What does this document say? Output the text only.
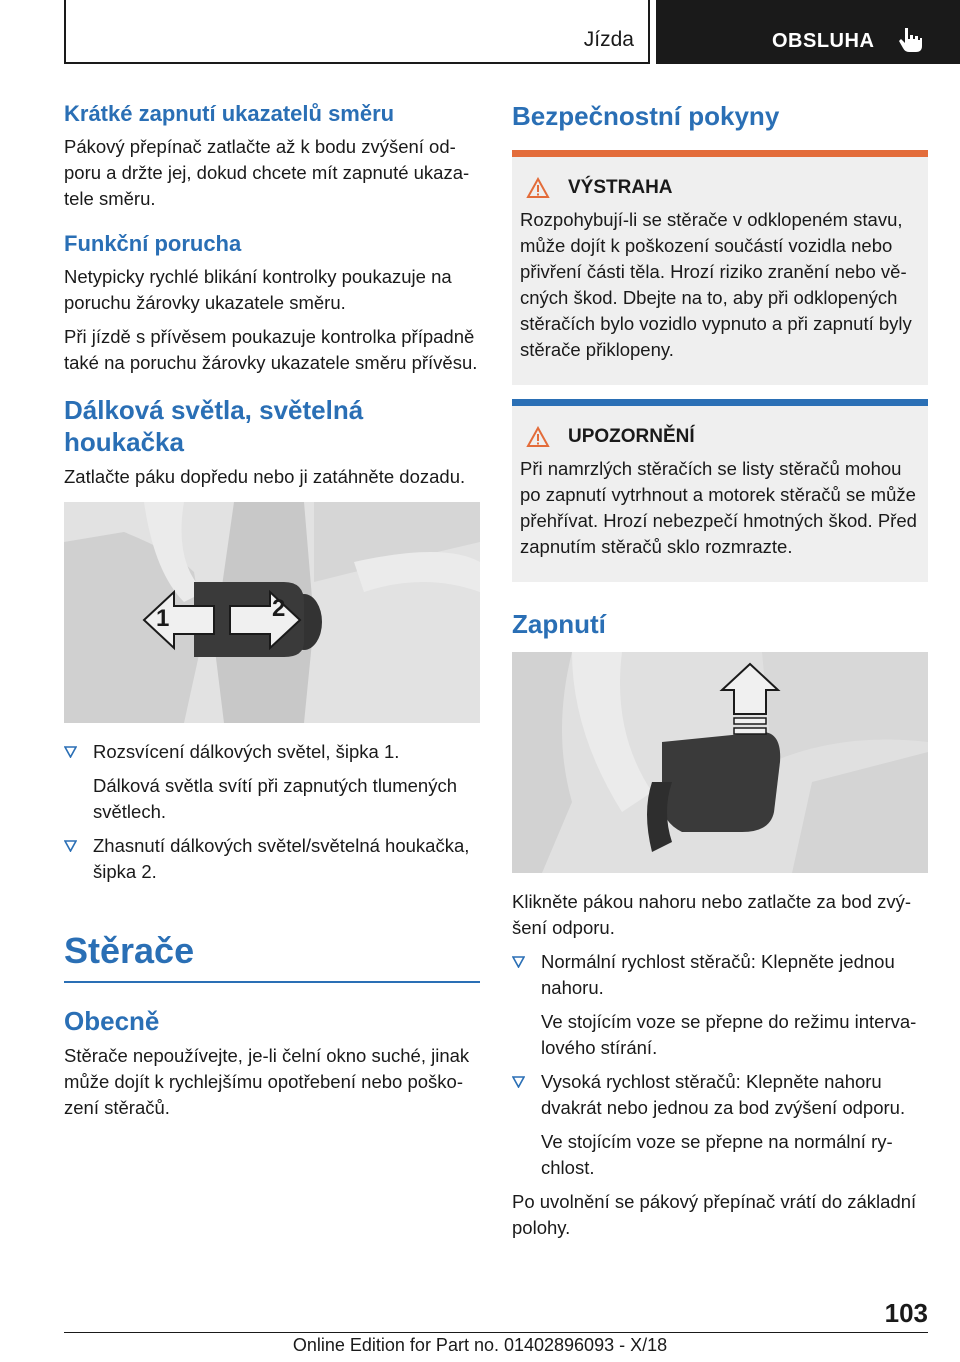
Jízda	OBSLUHA
Krátké zapnutí ukazatelů směru

Pákový přepínač zatlačte až k bodu zvýšení odporu a držte jej, dokud chcete mít zapnuté ukazatele směru.

Funkční porucha

Netypicky rychlé blikání kontrolky poukazuje na poruchu žárovky ukazatele směru.

Při jízdě s přívěsem poukazuje kontrolka případně také na poruchu žárovky ukazatele směru přívěsu.

Dálková světla, světelná houkačka

Zatlačte páku dopředu nebo ji zatáhněte dozadu.

1	2
Rozsvícení dálkových světel, šipka 1.
Dálková světla svítí při zapnutých tlumených světlech.
Zhasnutí dálkových světel/světelná houkačka, šipka 2.
Stěrače
Obecně

Stěrače nepoužívejte, je-li čelní okno suché, jinak může dojít k rychlejšímu opotřebení nebo poškození stěračů.

Bezpečnostní pokyny
VÝSTRAHA

Rozpohybují-li se stěrače v odklopeném stavu, může dojít k poškození součástí vozidla nebo přivření části těla. Hrozí riziko zranění nebo věcných škod. Dbejte na to, aby při odklopených stěračích bylo vozidlo vypnuto a při zapnutí byly stěrače přiklopeny.

UPOZORNĚNÍ

Při namrzlých stěračích se listy stěračů mohou po zapnutí vytrhnout a motorek stěračů se může přehřívat. Hrozí nebezpečí hmotných škod. Před zapnutím stěračů sklo rozmrazte.

Zapnutí

Klikněte pákou nahoru nebo zatlačte za bod zvýšení odporu.

Normální rychlost stěračů: Klepněte jednou nahoru.
Ve stojícím voze se přepne do režimu intervalového stírání.
Vysoká rychlost stěračů: Klepněte nahoru dvakrát nebo jednou za bod zvýšení odporu.
Ve stojícím voze se přepne na normální rychlost.

Po uvolnění se pákový přepínač vrátí do základní polohy.

103
Online Edition for Part no. 01402896093 - X/18
